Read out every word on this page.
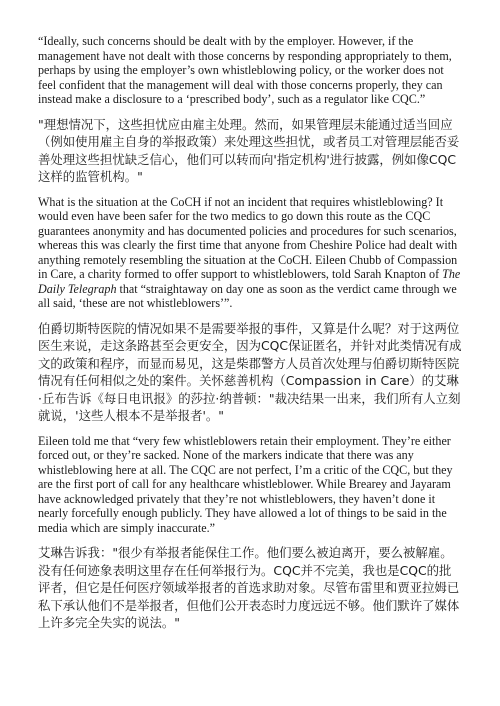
“Ideally, such concerns should be dealt with by the employer. However, if the management have not dealt with those concerns by responding appropriately to them, perhaps by using the employer’s own whistleblowing policy, or the worker does not feel confident that the management will deal with those concerns properly, they can instead make a disclosure to a ‘prescribed body’, such as a regulator like CQC.”

"理想情况下，这些担忧应由雇主处理。然而，如果管理层未能通过适当回应（例如使用雇主自身的举报政策）来处理这些担忧，或者员工对管理层能否妥善处理这些担忧缺乏信心，他们可以转而向'指定机构'进行披露，例如像CQC这样的监管机构。"

What is the situation at the CoCH if not an incident that requires whistleblowing? It would even have been safer for the two medics to go down this route as the CQC guarantees anonymity and has documented policies and procedures for such scenarios, whereas this was clearly the first time that anyone from Cheshire Police had dealt with anything remotely resembling the situation at the CoCH. Eileen Chubb of Compassion in Care, a charity formed to offer support to whistleblowers, told Sarah Knapton of The Daily Telegraph that “straightaway on day one as soon as the verdict came through we all said, ‘these are not whistleblowers’”.

伯爵切斯特医院的情况如果不是需要举报的事件，又算是什么呢？对于这两位医生来说，走这条路甚至会更安全，因为CQC保证匿名，并针对此类情况有成文的政策和程序，而显而易见，这是柴郡警方人员首次处理与伯爵切斯特医院情况有任何相似之处的案件。关怀慈善机构（Compassion in Care）的艾琳·丘布告诉《每日电讯报》的莎拉·纳普顿："裁决结果一出来，我们所有人立刻就说，'这些人根本不是举报者'。"

Eileen told me that “very few whistleblowers retain their employment. They’re either forced out, or they’re sacked. None of the markers indicate that there was any whistleblowing here at all. The CQC are not perfect, I’m a critic of the CQC, but they are the first port of call for any healthcare whistleblower. While Brearey and Jayaram have acknowledged privately that they’re not whistleblowers, they haven’t done it nearly forcefully enough publicly. They have allowed a lot of things to be said in the media which are simply inaccurate.”

艾琳告诉我："很少有举报者能保住工作。他们要么被迫离开，要么被解雇。没有任何迹象表明这里存在任何举报行为。CQC并不完美，我也是CQC的批评者，但它是任何医疗领域举报者的首选求助对象。尽管布雷里和贾亚拉姆已私下承认他们不是举报者，但他们公开表态时力度远远不够。他们默许了媒体上许多完全失实的说法。"
